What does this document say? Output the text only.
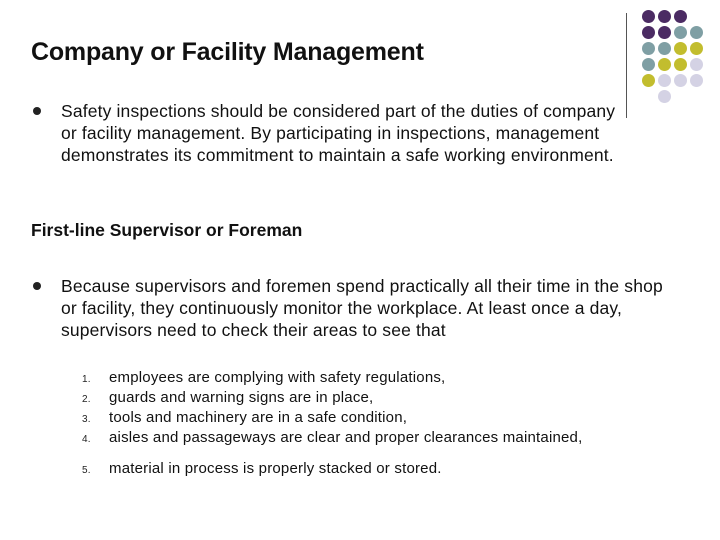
Company or Facility Management
Safety inspections should be considered part of the duties of company or facility management. By participating in inspections, management demonstrates its commitment to maintain a safe working environment.
First-line Supervisor or Foreman
Because supervisors and foremen spend practically all their time in the shop or facility, they continuously monitor the workplace. At least once a day, supervisors need to check their areas to see that
1.	employees are complying with safety regulations,
2.	guards and warning signs are in place,
3.	tools and machinery are in a safe condition,
4.	aisles and passageways are clear and proper clearances maintained,
5.	material in process is properly stacked or stored.
